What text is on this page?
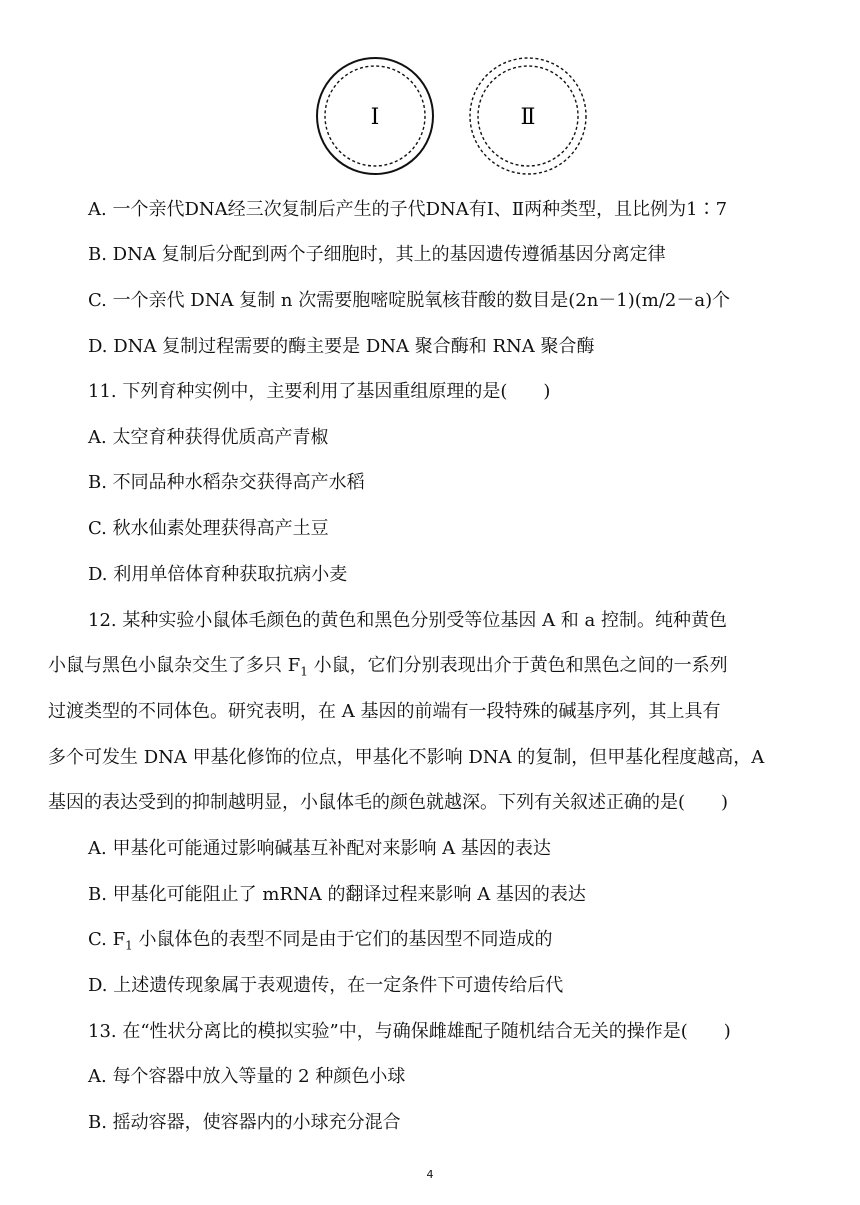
Ⅰ	Ⅱ
A. 一个亲代DNA经三次复制后产生的子代DNA有Ⅰ、Ⅱ两种类型，且比例为1∶7
B. DNA 复制后分配到两个子细胞时，其上的基因遗传遵循基因分离定律
C. 一个亲代 DNA 复制 n 次需要胞嘧啶脱氧核苷酸的数目是(2n－1)(m/2－a)个
D. DNA 复制过程需要的酶主要是 DNA 聚合酶和 RNA 聚合酶
11. 下列育种实例中，主要利用了基因重组原理的是(　　)
A. 太空育种获得优质高产青椒
B. 不同品种水稻杂交获得高产水稻
C. 秋水仙素处理获得高产土豆
D. 利用单倍体育种获取抗病小麦
12. 某种实验小鼠体毛颜色的黄色和黑色分别受等位基因 A 和 a 控制。纯种黄色
小鼠与黑色小鼠杂交生了多只 $F_1$ 小鼠，它们分别表现出介于黄色和黑色之间的一系列
过渡类型的不同体色。研究表明，在 A 基因的前端有一段特殊的碱基序列，其上具有
多个可发生 DNA 甲基化修饰的位点，甲基化不影响 DNA 的复制，但甲基化程度越高，A
基因的表达受到的抑制越明显，小鼠体毛的颜色就越深。下列有关叙述正确的是(　　)
A. 甲基化可能通过影响碱基互补配对来影响 A 基因的表达
B. 甲基化可能阻止了 mRNA 的翻译过程来影响 A 基因的表达
C. $F_1$ 小鼠体色的表型不同是由于它们的基因型不同造成的
D. 上述遗传现象属于表观遗传，在一定条件下可遗传给后代
13. 在“性状分离比的模拟实验”中，与确保雌雄配子随机结合无关的操作是(　　)
A. 每个容器中放入等量的 2 种颜色小球
B. 摇动容器，使容器内的小球充分混合
4
